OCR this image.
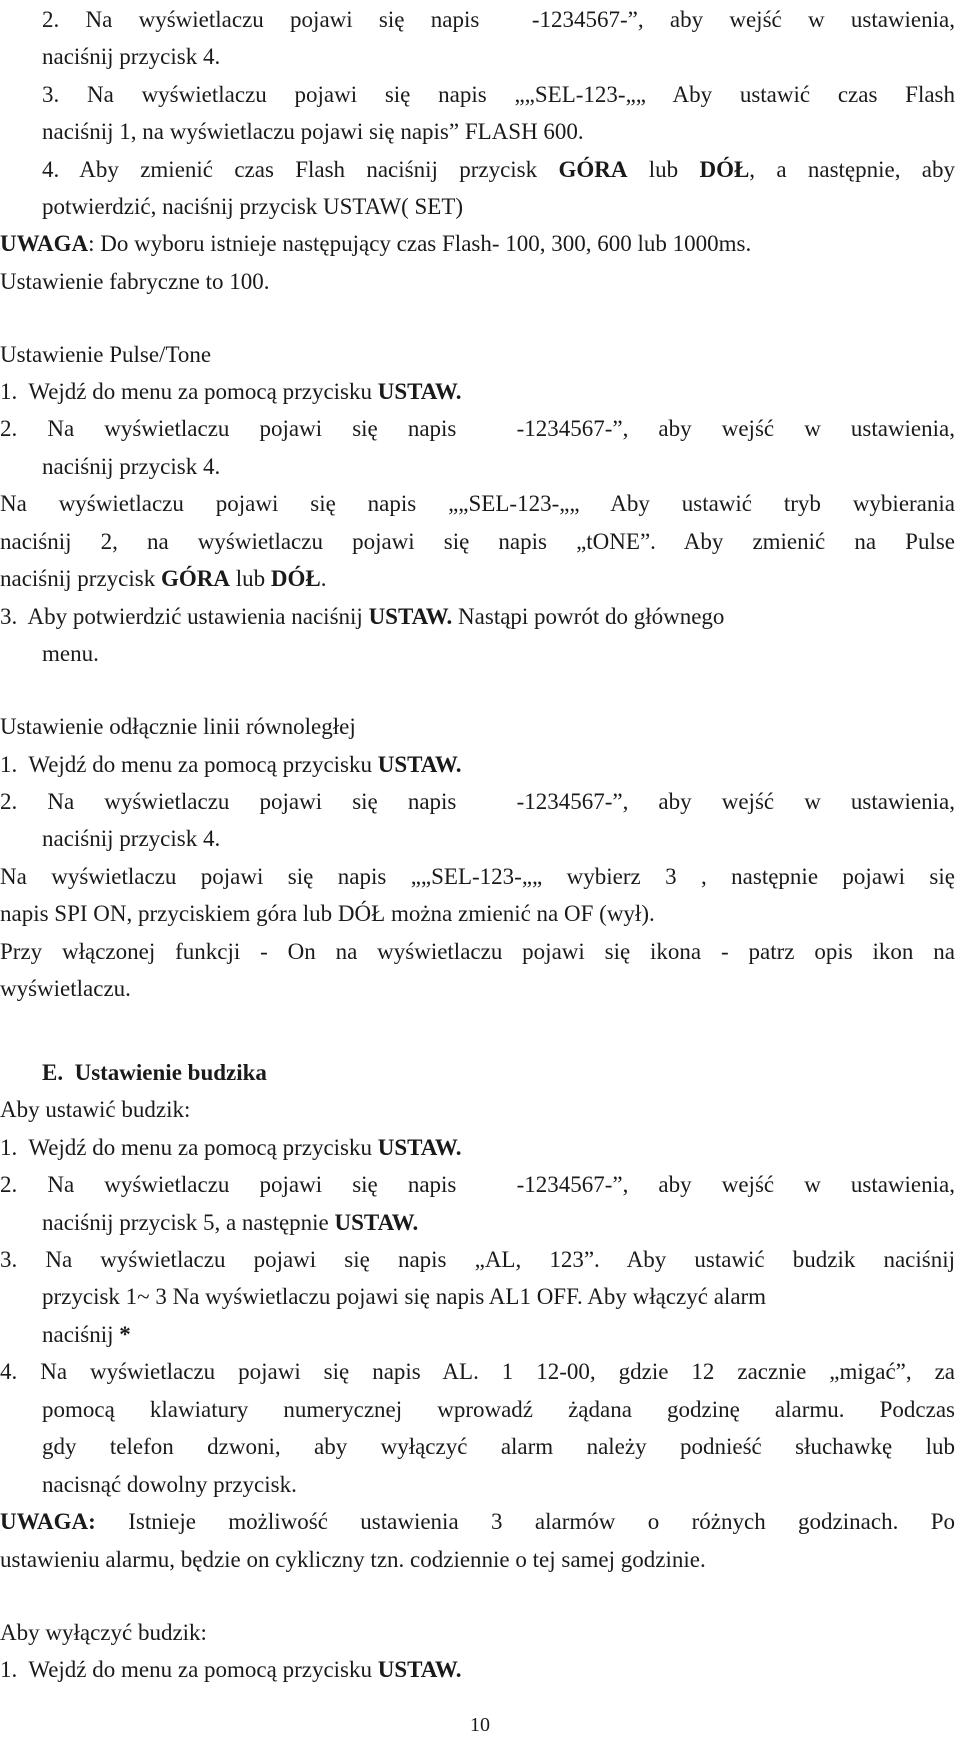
2. Na wyświetlaczu pojawi się napis  -1234567-”, aby wejść w ustawienia,
naciśnij przycisk 4.
3. Na wyświetlaczu pojawi się napis „„SEL-123-„„ Aby ustawić czas Flash
naciśnij 1, na wyświetlaczu pojawi się napis” FLASH 600.
4. Aby zmienić czas Flash naciśnij przycisk GÓRA lub DÓŁ, a następnie, aby
potwierdzić, naciśnij przycisk USTAW( SET)
UWAGA: Do wyboru istnieje następujący czas Flash- 100, 300, 600 lub 1000ms.
Ustawienie fabryczne to 100.
Ustawienie Pulse/Tone
1.  Wejdź do menu za pomocą przycisku USTAW.
2. Na wyświetlaczu pojawi się napis  -1234567-”, aby wejść w ustawienia,
naciśnij przycisk 4.
Na wyświetlaczu pojawi się napis „„SEL-123-„„ Aby ustawić tryb wybierania
naciśnij 2, na wyświetlaczu pojawi się napis „tONE”. Aby zmienić na Pulse
naciśnij przycisk GÓRA lub DÓŁ.
3.  Aby potwierdzić ustawienia naciśnij USTAW. Nastąpi powrót do głównego
menu.
Ustawienie odłącznie linii równoległej
1.  Wejdź do menu za pomocą przycisku USTAW.
2. Na wyświetlaczu pojawi się napis  -1234567-”, aby wejść w ustawienia,
naciśnij przycisk 4.
Na wyświetlaczu pojawi się napis „„SEL-123-„„ wybierz 3 , następnie pojawi się
napis SPI ON, przyciskiem góra lub DÓŁ można zmienić na OF (wył).
Przy włączonej funkcji - On na wyświetlaczu pojawi się ikona - patrz opis ikon na
wyświetlaczu.
E.  Ustawienie budzika
Aby ustawić budzik:
1.  Wejdź do menu za pomocą przycisku USTAW.
2. Na wyświetlaczu pojawi się napis  -1234567-”, aby wejść w ustawienia,
naciśnij przycisk 5, a następnie USTAW.
3. Na wyświetlaczu pojawi się napis „AL, 123”. Aby ustawić budzik naciśnij
przycisk 1~ 3 Na wyświetlaczu pojawi się napis AL1 OFF. Aby włączyć alarm
naciśnij *
4. Na wyświetlaczu pojawi się napis AL. 1 12-00, gdzie 12 zacznie „migać”, za
pomocą klawiatury numerycznej wprowadź żądana godzinę alarmu. Podczas
gdy telefon dzwoni, aby wyłączyć alarm należy podnieść słuchawkę lub
nacisnąć dowolny przycisk.
UWAGA: Istnieje możliwość ustawienia 3 alarmów o różnych godzinach. Po
ustawieniu alarmu, będzie on cykliczny tzn. codziennie o tej samej godzinie.
Aby wyłączyć budzik:
1.  Wejdź do menu za pomocą przycisku USTAW.
10
